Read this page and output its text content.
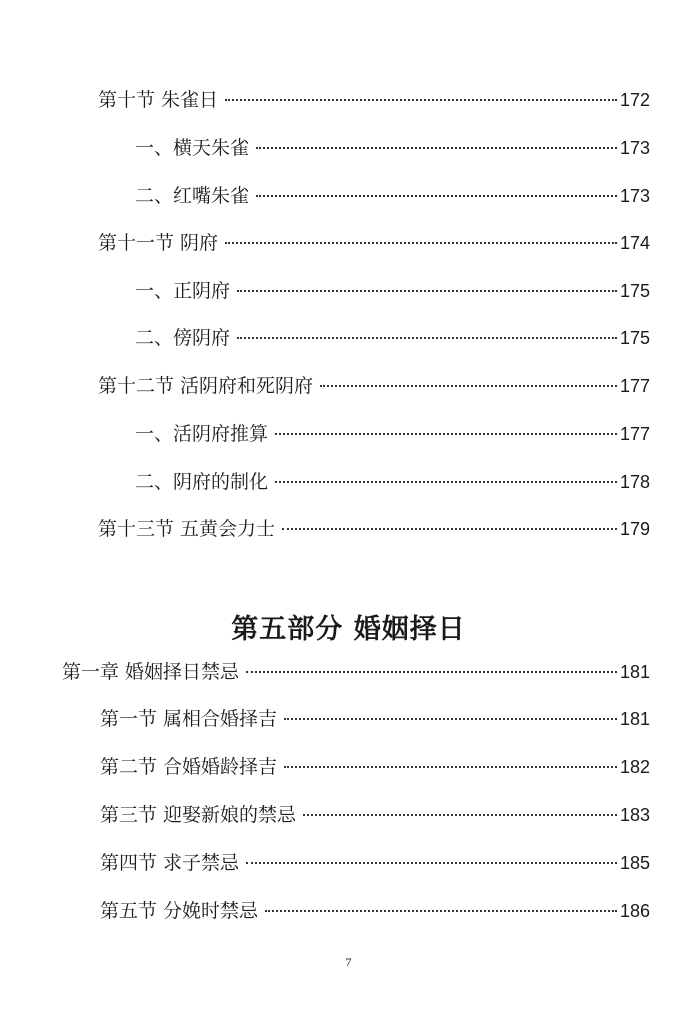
第十节 朱雀日	172
一、横天朱雀	173
二、红嘴朱雀	173
第十一节 阴府	174
一、正阴府	175
二、傍阴府	175
第十二节 活阴府和死阴府	177
一、活阴府推算	177
二、阴府的制化	178
第十三节 五黄会力士	179
第五部分 婚姻择日
第一章 婚姻择日禁忌	181
第一节 属相合婚择吉	181
第二节 合婚婚龄择吉	182
第三节 迎娶新娘的禁忌	183
第四节 求子禁忌	185
第五节 分娩时禁忌	186
7
